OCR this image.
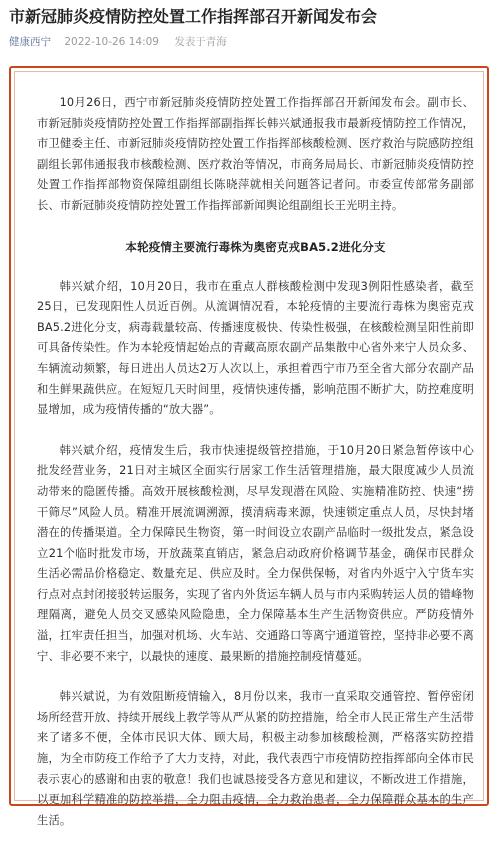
市新冠肺炎疫情防控处置工作指挥部召开新闻发布会
健康西宁 2022-10-26 14:09 发表于青海

10月26日，西宁市新冠肺炎疫情防控处置工作指挥部召开新闻发布会。副市长、市新冠肺炎疫情防控处置工作指挥部副指挥长韩兴斌通报我市最新疫情防控工作情况，市卫健委主任、市新冠肺炎疫情防控处置工作指挥部核酸检测、医疗救治与院感防控组副组长郭伟通报我市核酸检测、医疗救治等情况，市商务局局长、市新冠肺炎疫情防控处置工作指挥部物资保障组副组长陈晓萍就相关问题答记者问。市委宣传部常务副部长、市新冠肺炎疫情防控处置工作指挥部新闻舆论组副组长王光明主持。

本轮疫情主要流行毒株为奥密克戎BA5.2进化分支

韩兴斌介绍，10月20日，我市在重点人群核酸检测中发现3例阳性感染者，截至25日，已发现阳性人员近百例。从流调情况看，本轮疫情的主要流行毒株为奥密克戎BA5.2进化分支，病毒载量较高、传播速度极快、传染性极强，在核酸检测呈阳性前即可具备传染性。作为本轮疫情起始点的青藏高原农副产品集散中心省外来宁人员众多、车辆流动频繁，每日进出人员达2万人次以上，承担着西宁市乃至全省大部分农副产品和生鲜果蔬供应。在短短几天时间里，疫情快速传播，影响范围不断扩大，防控难度明显增加，成为疫情传播的“放大器”。

韩兴斌介绍，疫情发生后，我市快速提级管控措施，于10月20日紧急暂停该中心批发经营业务，21日对主城区全面实行居家工作生活管理措施，最大限度减少人员流动带来的隐匿传播。高效开展核酸检测，尽早发现潜在风险、实施精准防控、快速“捞干筛尽”风险人员。精准开展流调溯源，摸清病毒来源，快速锁定重点人员，尽快封堵潜在的传播渠道。全力保障民生物资，第一时间设立农副产品临时一级批发点，紧急设立21个临时批发市场，开放蔬菜直销店，紧急启动政府价格调节基金，确保市民群众生活必需品价格稳定、数量充足、供应及时。全力保供保畅，对省内外返宁入宁货车实行点对点封闭接驳转运服务，实现了省内外货运车辆人员与市内采购转运人员的错峰物理隔离，避免人员交叉感染风险隐患，全力保障基本生产生活物资供应。严防疫情外溢，扛牢责任担当，加强对机场、火车站、交通路口等离宁通道管控，坚持非必要不离宁、非必要不来宁，以最快的速度、最果断的措施控制疫情蔓延。

韩兴斌说，为有效阻断疫情输入，8月份以来，我市一直采取交通管控、暂停密闭场所经营开放、持续开展线上教学等从严从紧的防控措施，给全市人民正常生产生活带来了诸多不便，全体市民识大体、顾大局，积极主动参加核酸检测，严格落实防控措施，为全市防疫工作给予了大力支持，对此，我代表西宁市疫情防控指挥部向全体市民表示衷心的感谢和由衷的敬意！我们也诚恳接受各方意见和建议，不断改进工作措施，以更加科学精准的防控举措，全力阻击疫情，全力救治患者，全力保障群众基本的生产生活。
